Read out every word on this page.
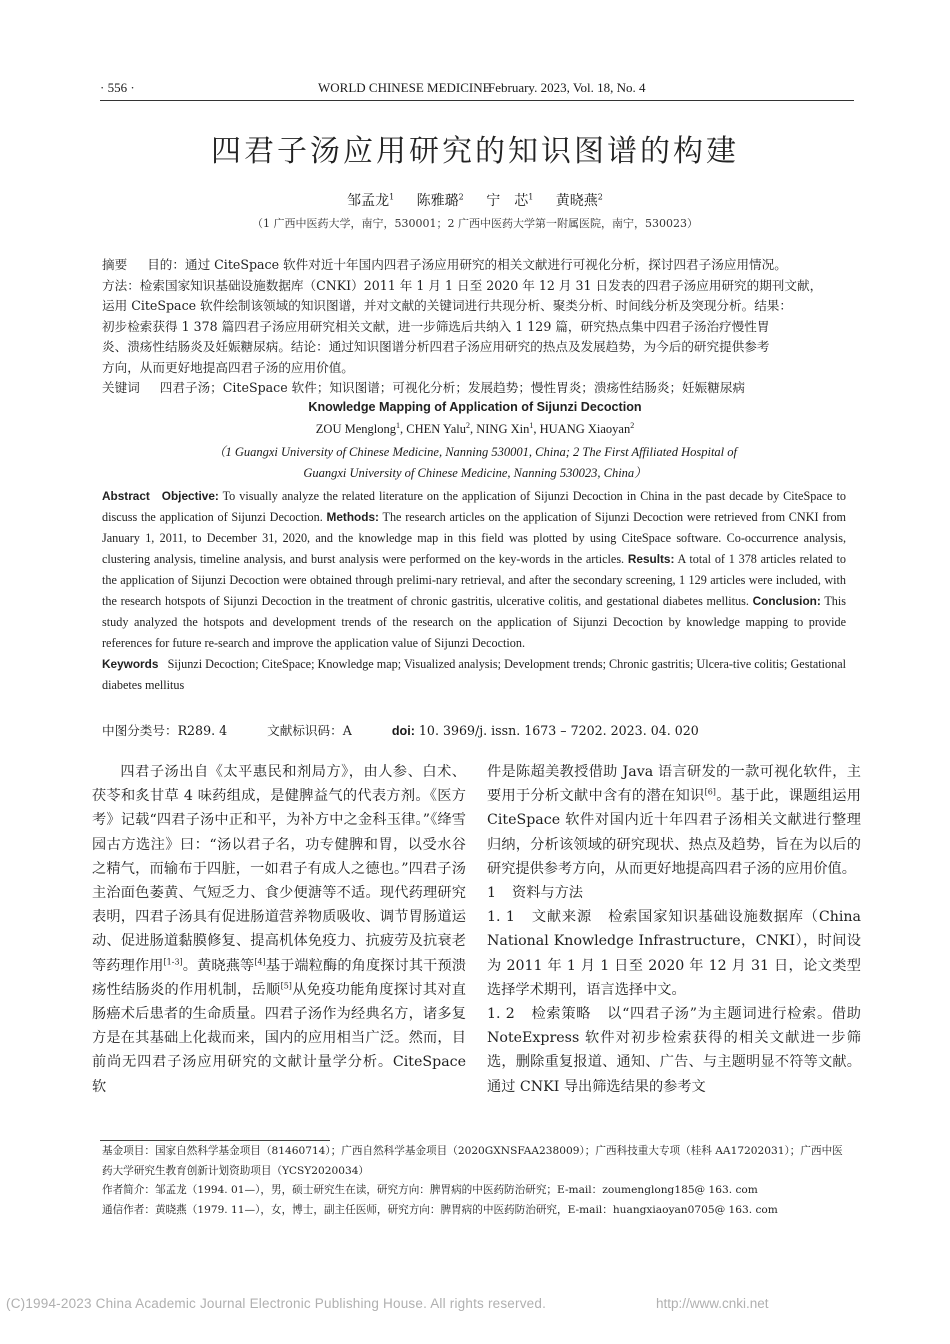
· 556 ·	WORLD CHINESE MEDICINE
February. 2023, Vol. 18, No. 4
四君子汤应用研究的知识图谱的构建
邹孟龙$^1$ 陈雅璐$^2$ 宁　芯$^1$ 黄晓燕$^2$
（1 广西中医药大学，南宁，530001；2 广西中医药大学第一附属医院，南宁，530023）

摘要 目的：通过 CiteSpace 软件对近十年国内四君子汤应用研究的相关文献进行可视化分析，探讨四君子汤应用情况。

方法：检索国家知识基础设施数据库（CNKI）2011 年 1 月 1 日至 2020 年 12 月 31 日发表的四君子汤应用研究的期刊文献，

运用 CiteSpace 软件绘制该领域的知识图谱，并对文献的关键词进行共现分析、聚类分析、时间线分析及突现分析。结果：

初步检索获得 1 378 篇四君子汤应用研究相关文献，进一步筛选后共纳入 1 129 篇，研究热点集中四君子汤治疗慢性胃

炎、溃疡性结肠炎及妊娠糖尿病。结论：通过知识图谱分析四君子汤应用研究的热点及发展趋势，为今后的研究提供参考

方向，从而更好地提高四君子汤的应用价值。

关键词 四君子汤；CiteSpace 软件；知识图谱；可视化分析；发展趋势；慢性胃炎；溃疡性结肠炎；妊娠糖尿病

Knowledge Mapping of Application of Sijunzi Decoction
ZOU Menglong$^1$, CHEN Yalu$^2$, NING Xin$^1$, HUANG Xiaoyan$^2$
（1 Guangxi University of Chinese Medicine, Nanning 530001, China; 2 The First Affiliated Hospital of
Guangxi University of Chinese Medicine, Nanning 530023, China）

Abstract Objective: To visually analyze the related literature on the application of Sijunzi Decoction in China in the past decade by CiteSpace to discuss the application of Sijunzi Decoction. Methods: The research articles on the application of Sijunzi Decoction were retrieved from CNKI from January 1, 2011, to December 31, 2020, and the knowledge map in this field was plotted by using CiteSpace software. Co-occurrence analysis, clustering analysis, timeline analysis, and burst analysis were performed on the key-words in the articles. Results: A total of 1 378 articles related to the application of Sijunzi Decoction were obtained through prelimi-nary retrieval, and after the secondary screening, 1 129 articles were included, with the research hotspots of Sijunzi Decoction in the treatment of chronic gastritis, ulcerative colitis, and gestational diabetes mellitus. Conclusion: This study analyzed the hotspots and development trends of the research on the application of Sijunzi Decoction by knowledge mapping to provide references for future re-search and improve the application value of Sijunzi Decoction.

Keywords Sijunzi Decoction; CiteSpace; Knowledge map; Visualized analysis; Development trends; Chronic gastritis; Ulcera-tive colitis; Gestational diabetes mellitus

中图分类号：R289. 4	文献标识码：A	doi: 10. 3969/j. issn. 1673 – 7202. 2023. 04. 020

四君子汤出自《太平惠民和剂局方》，由人参、白术、茯苓和炙甘草 4 味药组成，是健脾益气的代表方剂。《医方考》记载“四君子汤中正和平，为补方中之金科玉律。”《绛雪园古方选注》曰：“汤以君子名，功专健脾和胃，以受水谷之精气，而输布于四脏，一如君子有成人之德也。”四君子汤主治面色萎黄、气短乏力、食少便溏等不适。现代药理研究表明，四君子汤具有促进肠道营养物质吸收、调节胃肠道运动、促进肠道黏膜修复、提高机体免疫力、抗疲劳及抗衰老等药理作用[1-3]。黄晓燕等[4]基于端粒酶的角度探讨其干预溃疡性结肠炎的作用机制，岳顺[5]从免疫功能角度探讨其对直肠癌术后患者的生命质量。四君子汤作为经典名方，诸多复方是在其基础上化裁而来，国内的应用相当广泛。然而，目前尚无四君子汤应用研究的文献计量学分析。CiteSpace 软

件是陈超美教授借助 Java 语言研发的一款可视化软件，主要用于分析文献中含有的潜在知识[6]。基于此，课题组运用 CiteSpace 软件对国内近十年四君子汤相关文献进行整理归纳，分析该领域的研究现状、热点及趋势，旨在为以后的研究提供参考方向，从而更好地提高四君子汤的应用价值。

1 资料与方法

1. 1 文献来源 检索国家知识基础设施数据库（China National Knowledge Infrastructure，CNKI），时间设为 2011 年 1 月 1 日至 2020 年 12 月 31 日，论文类型选择学术期刊，语言选择中文。

1. 2 检索策略 以“四君子汤”为主题词进行检索。借助 NoteExpress 软件对初步检索获得的相关文献进一步筛选，删除重复报道、通知、广告、与主题明显不符等文献。通过 CNKI 导出筛选结果的参考文

基金项目：国家自然科学基金项目（81460714）；广西自然科学基金项目（2020GXNSFAA238009）；广西科技重大专项（桂科 AA17202031）；广西中医药大学研究生教育创新计划资助项目（YCSY2020034）

作者简介：邹孟龙（1994. 01—），男，硕士研究生在读，研究方向：脾胃病的中医药防治研究；E-mail：zoumenglong185@ 163. com

通信作者：黄晓燕（1979. 11—），女，博士，副主任医师，研究方向：脾胃病的中医药防治研究，E-mail：huangxiaoyan0705@ 163. com

(C)1994-2023 China Academic Journal Electronic Publishing House. All rights reserved.	http://www.cnki.net
